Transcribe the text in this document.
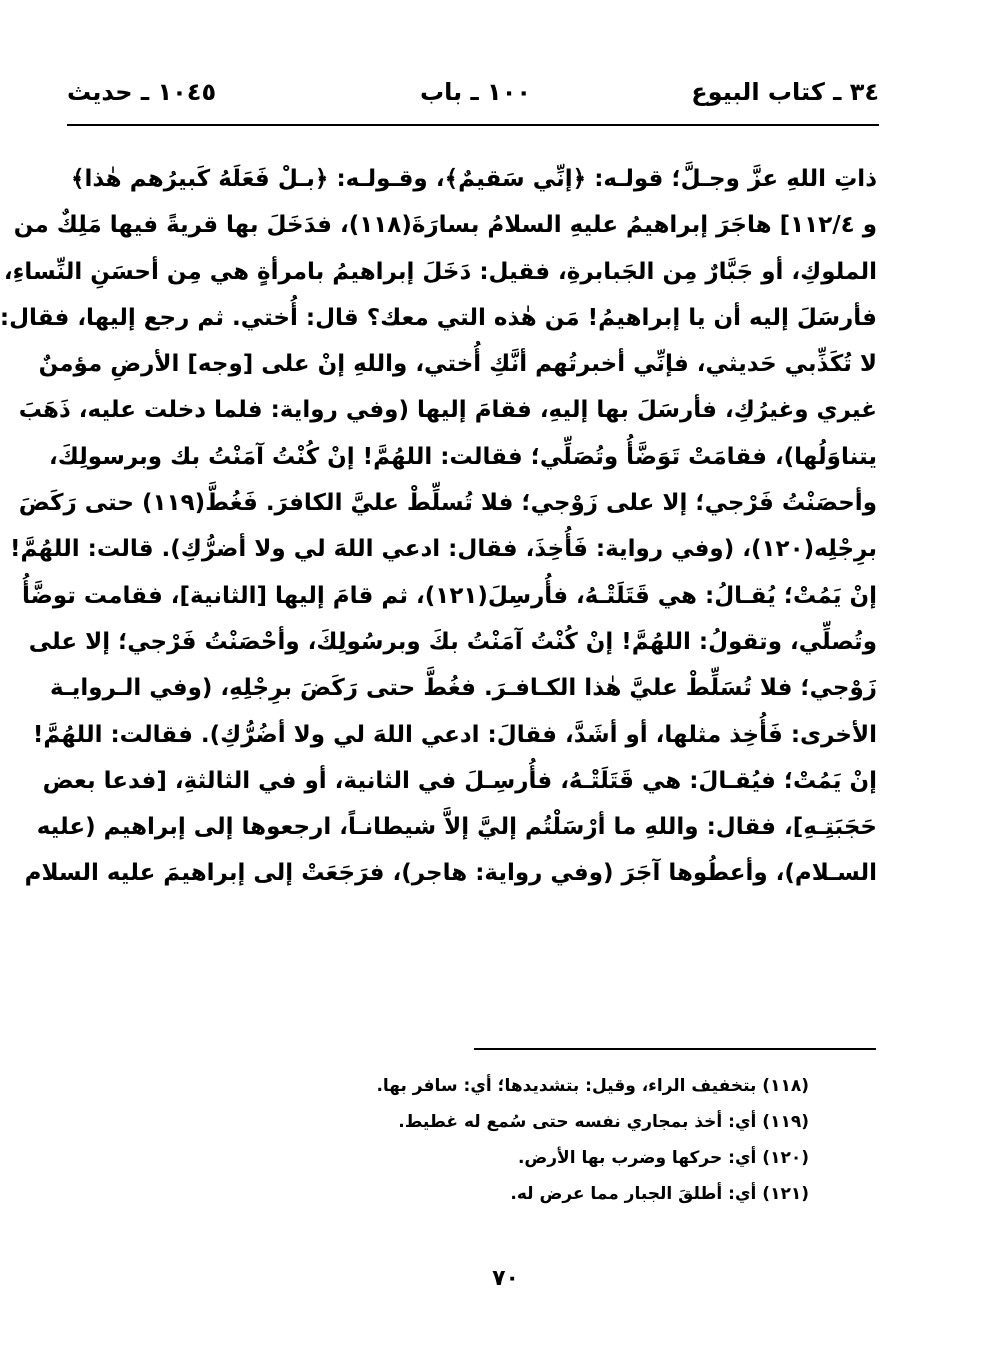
٣٤ ـ كتاب البيوع
١٠٠ ـ باب
١٠٤٥ ـ حديث
ذاتِ اللهِ عزَّ وجـلَّ؛ قولـه: ﴿إنِّي سَقيمٌ﴾، وقـولـه: ﴿بـلْ فَعَلَهُ كَبيرُهم هٰذا﴾
و ١١٢/٤] هاجَرَ إبراهيمُ عليهِ السلامُ بسارَةَ(١١٨)، فدَخَلَ بها قريةً فيها مَلِكٌ من
الملوكِ، أو جَبَّارٌ مِن الجَبابرةِ، فقيل: دَخَلَ إبراهيمُ بامرأةٍ هي مِن أحسَنِ النِّساءِ،
فأرسَلَ إليه أن يا إبراهيمُ! مَن هٰذه التي معك؟ قال: أُختي. ثم رجع إليها، فقال:
لا تُكَذِّبي حَديثي، فإنِّي أخبرتُهم أنَّكِ أُختي، واللهِ إنْ على [وجه] الأرضِ مؤمنٌ
غيري وغيرُكِ، فأرسَلَ بها إليهِ، فقامَ إليها (وفي رواية: فلما دخلت عليه، ذَهَبَ
يتناوَلُها)، فقامَتْ تَوَضَّأُ وتُصَلِّي؛ فقالت: اللهُمَّ! إنْ كُنْتُ آمَنْتُ بك وبرسولِكَ،
وأحصَنْتُ فَرْجي؛ إلا على زَوْجي؛ فلا تُسلِّطْ عليَّ الكافرَ. فَغُطَّ(١١٩) حتى رَكَضَ
برِجْلِه(١٢٠)، (وفي رواية: فَأُخِذَ، فقال: ادعي اللهَ لي ولا أضرُّكِ). قالت: اللهُمَّ!
إنْ يَمُتْ؛ يُقـالُ: هي قَتَلَتْـهُ، فأُرسِلَ(١٢١)، ثم قامَ إليها [الثانية]، فقامت توضَّأُ
وتُصلِّي، وتقولُ: اللهُمَّ! إنْ كُنْتُ آمَنْتُ بكَ وبرسُولِكَ، وأحْصَنْتُ فَرْجي؛ إلا على
زَوْجي؛ فلا تُسَلِّطْ عليَّ هٰذا الكـافـرَ. فغُطَّ حتى رَكَضَ برِجْلِهِ، (وفي الـروايـة
الأخرى: فَأُخِذ مثلها، أو أشَدَّ، فقالَ: ادعي اللهَ لي ولا أضُرُّكِ). فقالت: اللهُمَّ!
إنْ يَمُتْ؛ فيُقـالَ: هي قَتَلَتْـهُ، فأُرسِـلَ في الثانية، أو في الثالثةِ، [فدعا بعض
حَجَبَتِـهِ]، فقال: واللهِ ما أرْسَلْتُم إليَّ إلاَّ شيطانـاً، ارجعوها إلى إبراهيم (عليه
السـلام)، وأعطُوها آجَرَ (وفي رواية: هاجر)، فرَجَعَتْ إلى إبراهيمَ عليه السلام
(١١٨) بتخفيف الراء، وقيل: بتشديدها؛ أي: سافر بها.
(١١٩) أي: أخذ بمجاري نفسه حتى سُمع له غطيط.
(١٢٠) أي: حركها وضرب بها الأرض.
(١٢١) أي: أطلقَ الجبار مما عرض له.
٧٠
